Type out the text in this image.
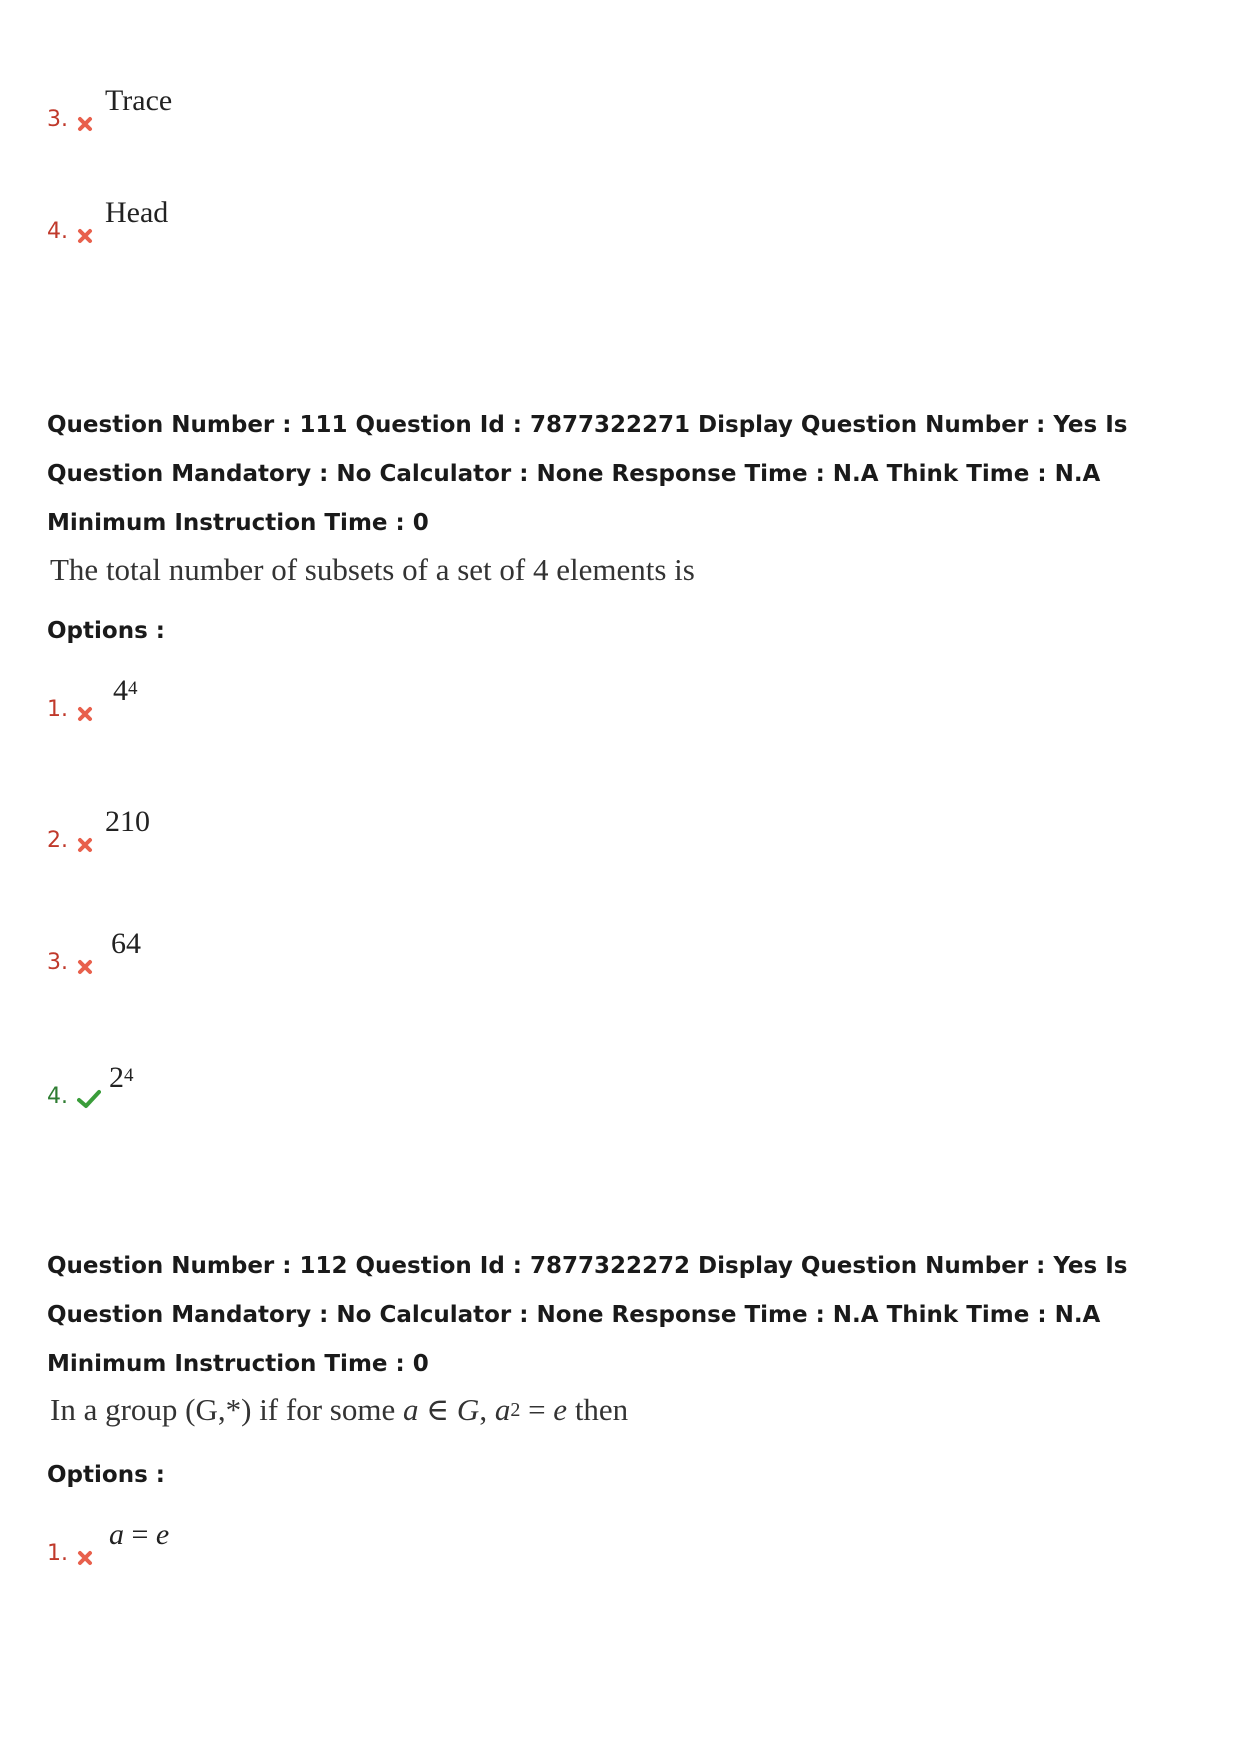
3.
Trace
4.
Head
Question Number : 111 Question Id : 7877322271 Display Question Number : Yes Is Question Mandatory : No Calculator : None Response Time : N.A Think Time : N.A Minimum Instruction Time : 0
The total number of subsets of a set of 4 elements is
Options :
1.
$4^4$
2.
210
3.
64
4.
$2^4$
Question Number : 112 Question Id : 7877322272 Display Question Number : Yes Is Question Mandatory : No Calculator : None Response Time : N.A Think Time : N.A Minimum Instruction Time : 0
In a group (G,*) if for some a ∈ G, $a^2 = e$ then
Options :
1.
a = e
